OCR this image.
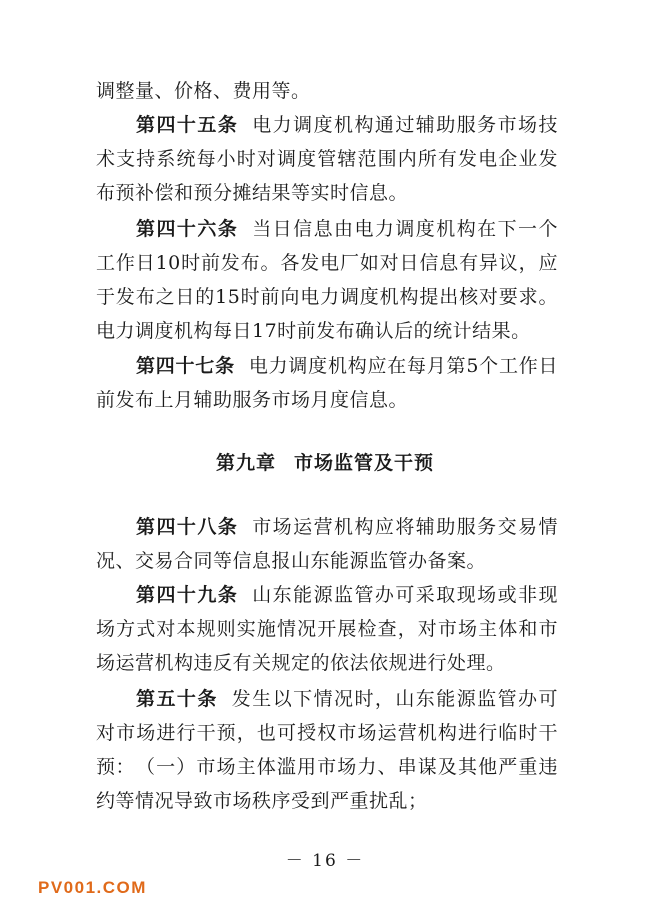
调整量、价格、费用等。

第四十五条 电力调度机构通过辅助服务市场技术支持系统每小时对调度管辖范围内所有发电企业发布预补偿和预分摊结果等实时信息。

第四十六条 当日信息由电力调度机构在下一个工作日10时前发布。各发电厂如对日信息有异议，应于发布之日的15时前向电力调度机构提出核对要求。电力调度机构每日17时前发布确认后的统计结果。

第四十七条 电力调度机构应在每月第5个工作日前发布上月辅助服务市场月度信息。

第九章 市场监管及干预

第四十八条 市场运营机构应将辅助服务交易情况、交易合同等信息报山东能源监管办备案。

第四十九条 山东能源监管办可采取现场或非现场方式对本规则实施情况开展检查，对市场主体和市场运营机构违反有关规定的依法依规进行处理。

第五十条 发生以下情况时，山东能源监管办可对市场进行干预，也可授权市场运营机构进行临时干预： （一）市场主体滥用市场力、串谋及其他严重违约等情况导致市场秩序受到严重扰乱；

－ 16 －
PV001.COM
